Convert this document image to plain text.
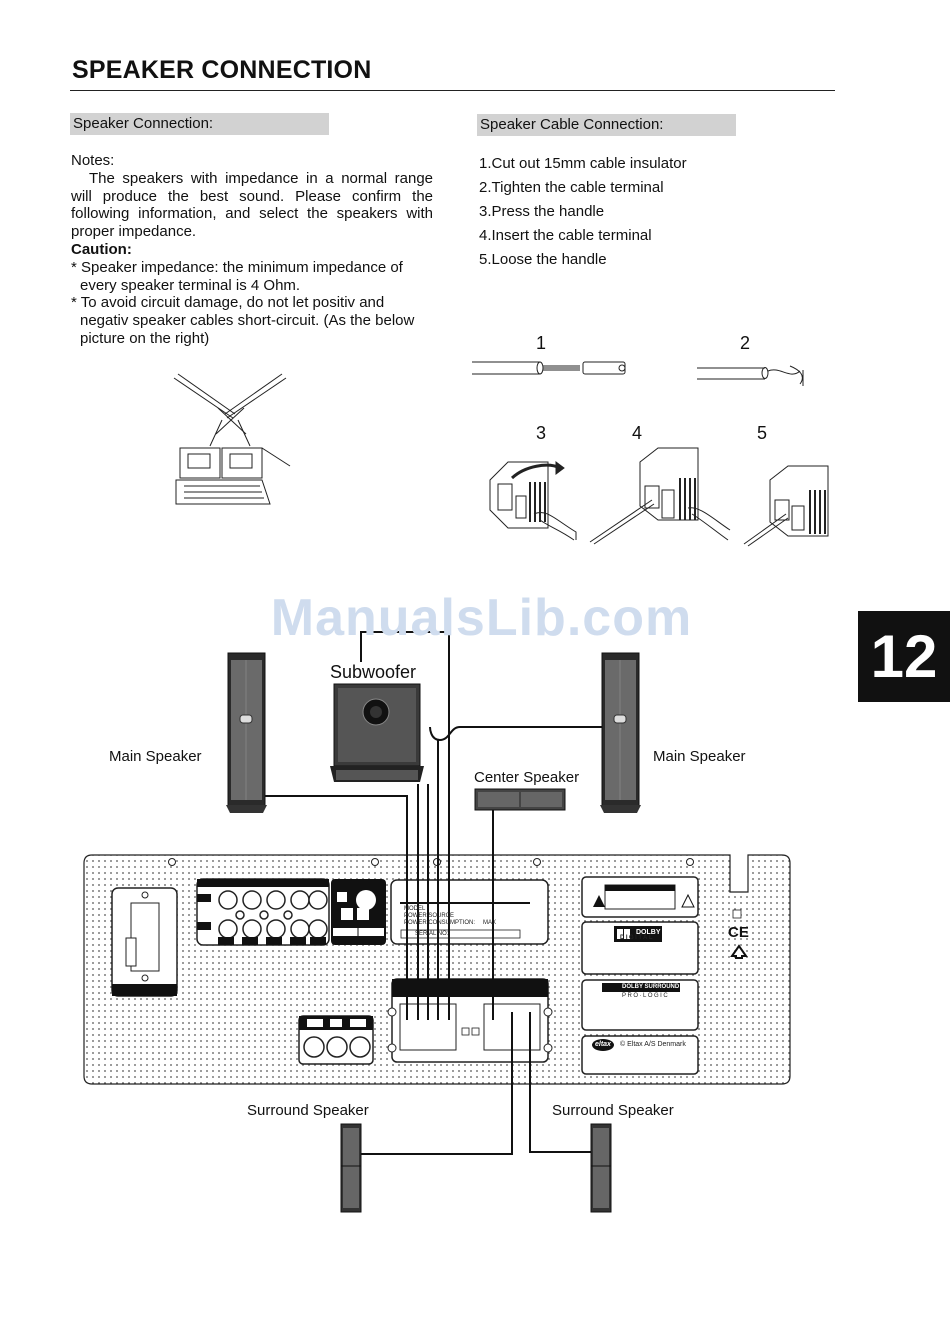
SPEAKER CONNECTION
Speaker Connection:

Notes:

The speakers with impedance in a normal range will produce the best sound. Please confirm the following information, and select the speakers with proper impedance.

Caution:

* Speaker impedance: the minimum impedance of every speaker terminal is 4 Ohm.

* To avoid circuit damage, do not let positiv and negativ speaker cables short-circuit. (As the below picture on the right)

Speaker Cable Connection:
1.Cut out 15mm cable insulator
2.Tighten the cable terminal
3.Press the handle
4.Insert the cable terminal
5.Loose the handle
1	2
3	4	5
Subwoofer
Main Speaker	Main Speaker
Center Speaker
Surround Speaker	Surround Speaker
MODEL
POWER SOURCE
POWER CONSUMPTION: MAX
SERIAL NO:	DOLBY
DIGITAL
DOLBY SURROUND
PRO·LOGIC
eltax © Eltax A/S Denmark
CE
ManualsLib.com
12
